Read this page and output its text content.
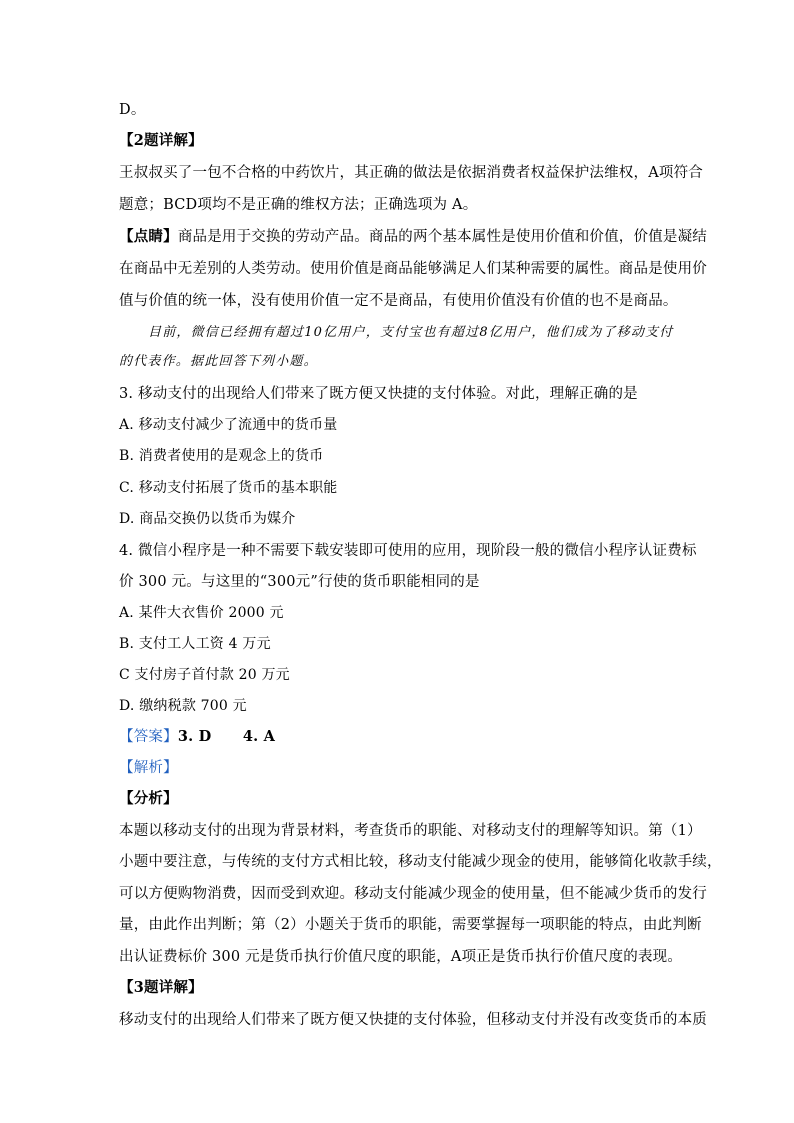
D。
【2题详解】
王叔叔买了一包不合格的中药饮片，其正确的做法是依据消费者权益保护法维权，A项符合
题意；BCD项均不是正确的维权方法；正确选项为 A。
【点睛】商品是用于交换的劳动产品。商品的两个基本属性是使用价值和价值，价值是凝结
在商品中无差别的人类劳动。使用价值是商品能够满足人们某种需要的属性。商品是使用价
值与价值的统一体，没有使用价值一定不是商品，有使用价值没有价值的也不是商品。
目前，微信已经拥有超过10亿用户，支付宝也有超过8亿用户，他们成为了移动支付
的代表作。据此回答下列小题。
3. 移动支付的出现给人们带来了既方便又快捷的支付体验。对此，理解正确的是
A. 移动支付减少了流通中的货币量
B. 消费者使用的是观念上的货币
C. 移动支付拓展了货币的基本职能
D. 商品交换仍以货币为媒介
4. 微信小程序是一种不需要下载安装即可使用的应用，现阶段一般的微信小程序认证费标
价 300 元。与这里的“300元”行使的货币职能相同的是
A. 某件大衣售价 2000 元
B. 支付工人工资 4 万元
C 支付房子首付款 20 万元
D. 缴纳税款 700 元
【答案】3. D      4. A
【解析】
【分析】
本题以移动支付的出现为背景材料，考查货币的职能、对移动支付的理解等知识。第（1）
小题中要注意，与传统的支付方式相比较，移动支付能减少现金的使用，能够简化收款手续，
可以方便购物消费，因而受到欢迎。移动支付能减少现金的使用量，但不能减少货币的发行
量，由此作出判断；第（2）小题关于货币的职能，需要掌握每一项职能的特点，由此判断
出认证费标价 300 元是货币执行价值尺度的职能，A项正是货币执行价值尺度的表现。
【3题详解】
移动支付的出现给人们带来了既方便又快捷的支付体验，但移动支付并没有改变货币的本质
